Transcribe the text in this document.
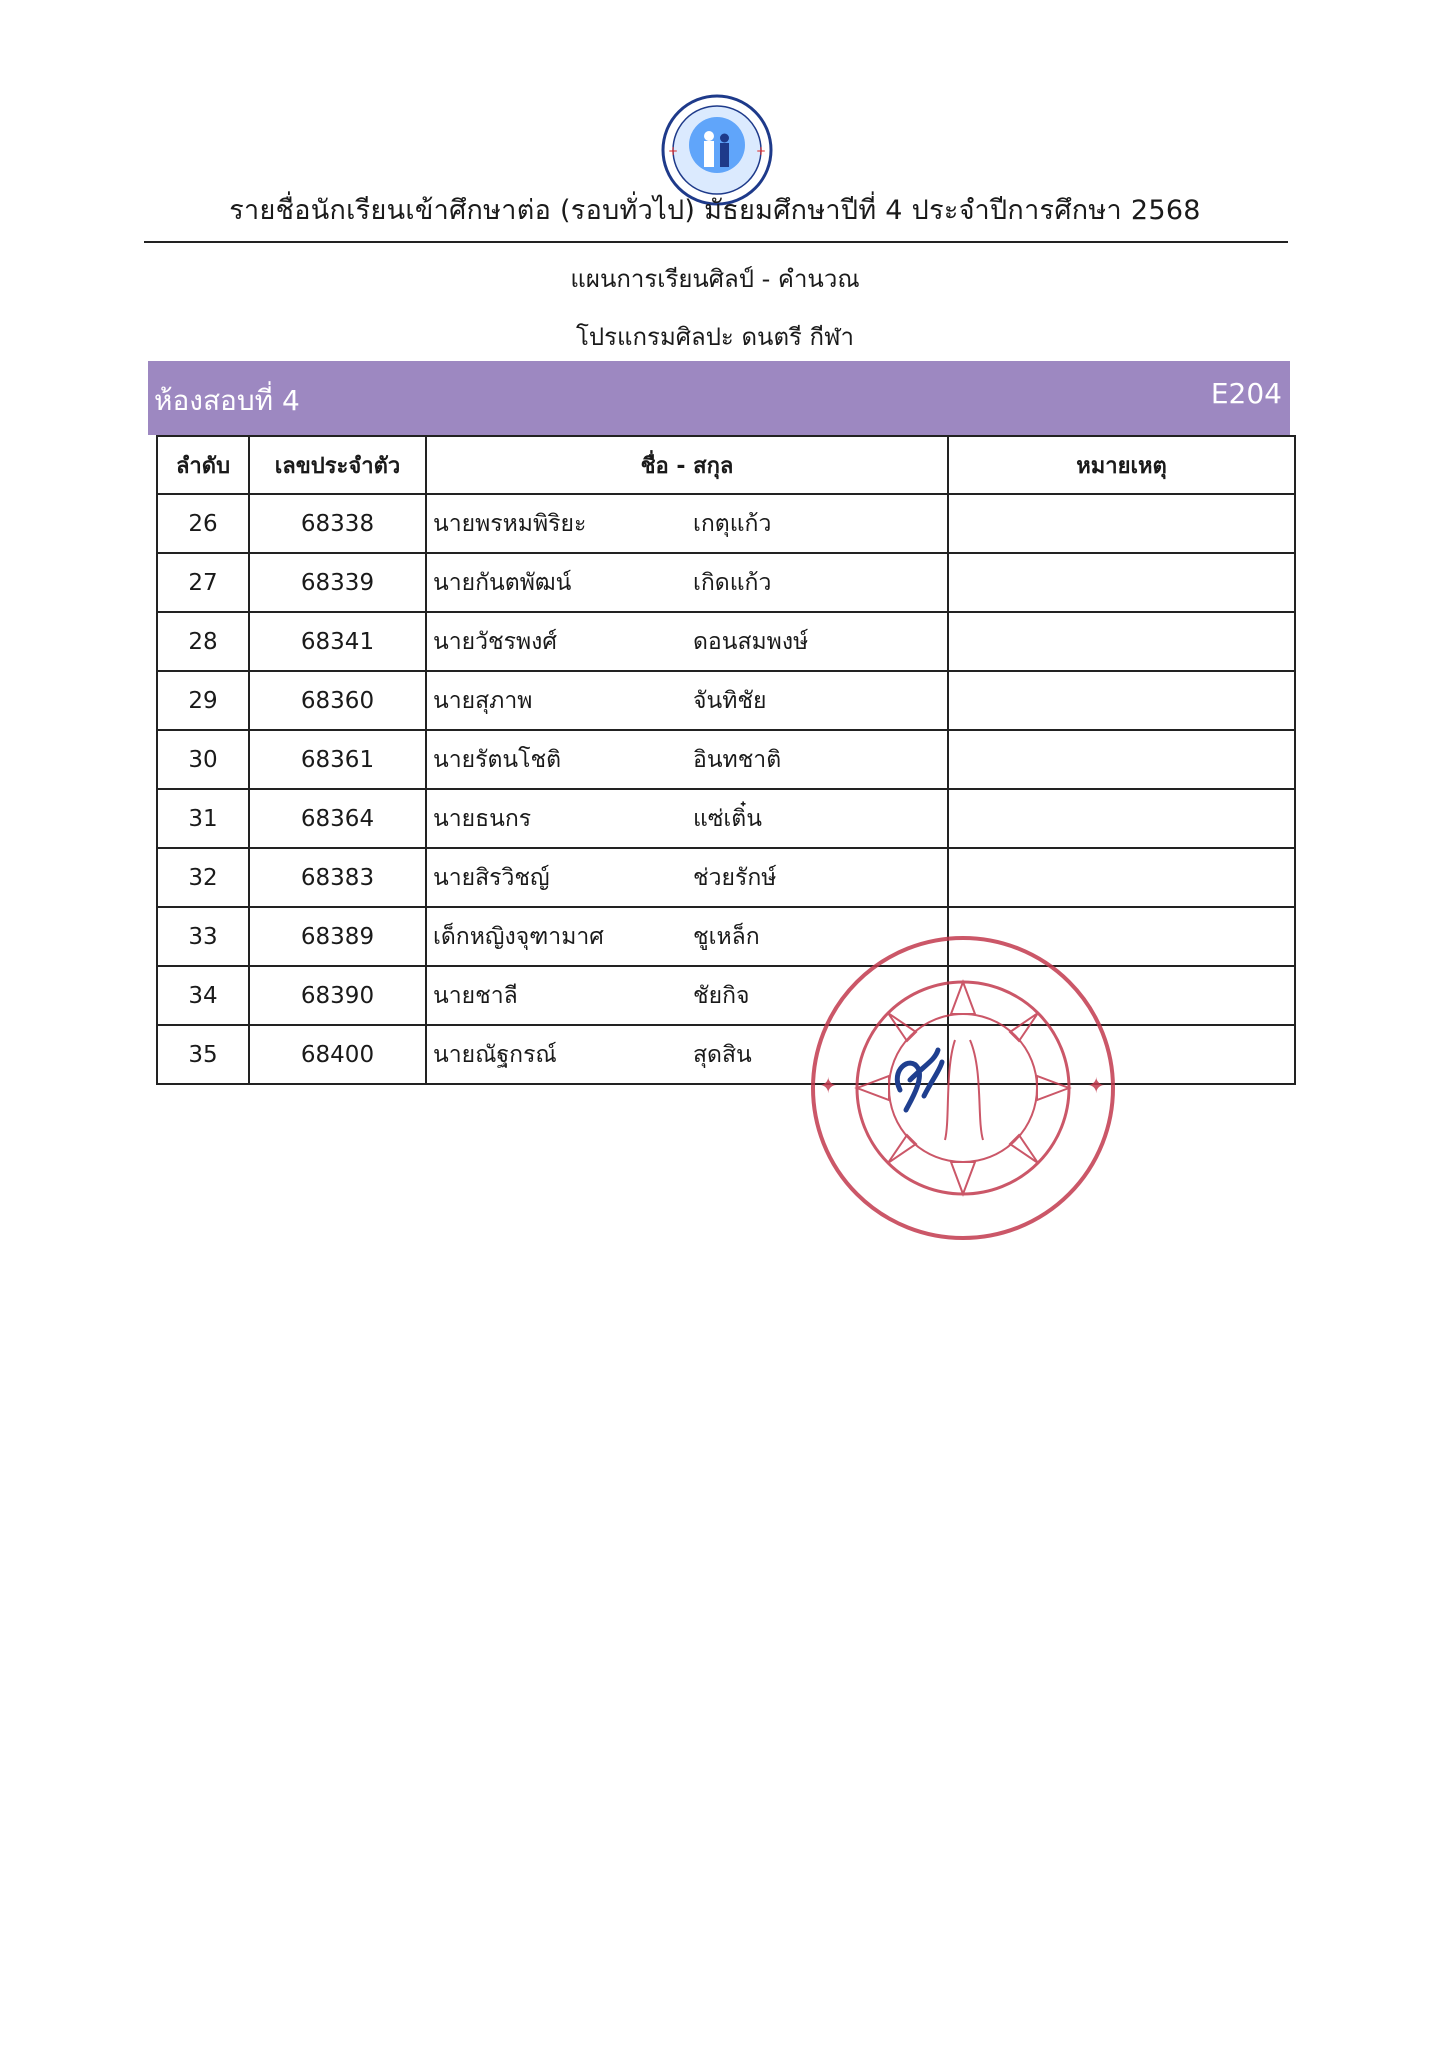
+	+
รายชื่อนักเรียนเข้าศึกษาต่อ (รอบทั่วไป) มัธยมศึกษาปีที่ 4 ประจำปีการศึกษา 2568
แผนการเรียนศิลป์ - คำนวณ
โปรแกรมศิลปะ ดนตรี กีฬา
ห้องสอบที่ 4	E204
ลำดับ	เลขประจำตัว	ชื่อ - สกุล	หมายเหตุ
26	68338	นายพรหมพิริยะ เกตุแก้ว	

27	68339	นายกันตพัฒน์ เกิดแก้ว	

28	68341	นายวัชรพงศ์ ดอนสมพงษ์	

29	68360	นายสุภาพ จันทิชัย	

30	68361	นายรัตนโชติ อินทชาติ	

31	68364	นายธนกร แซ่เติ๋น	

32	68383	นายสิรวิชญ์ ช่วยรักษ์	

33	68389	เด็กหญิงจุฑามาศ ชูเหล็ก	

34	68390	นายชาลี ชัยกิจ	

35	68400	นายณัฐกรณ์ สุดสิน	

✦	✦
